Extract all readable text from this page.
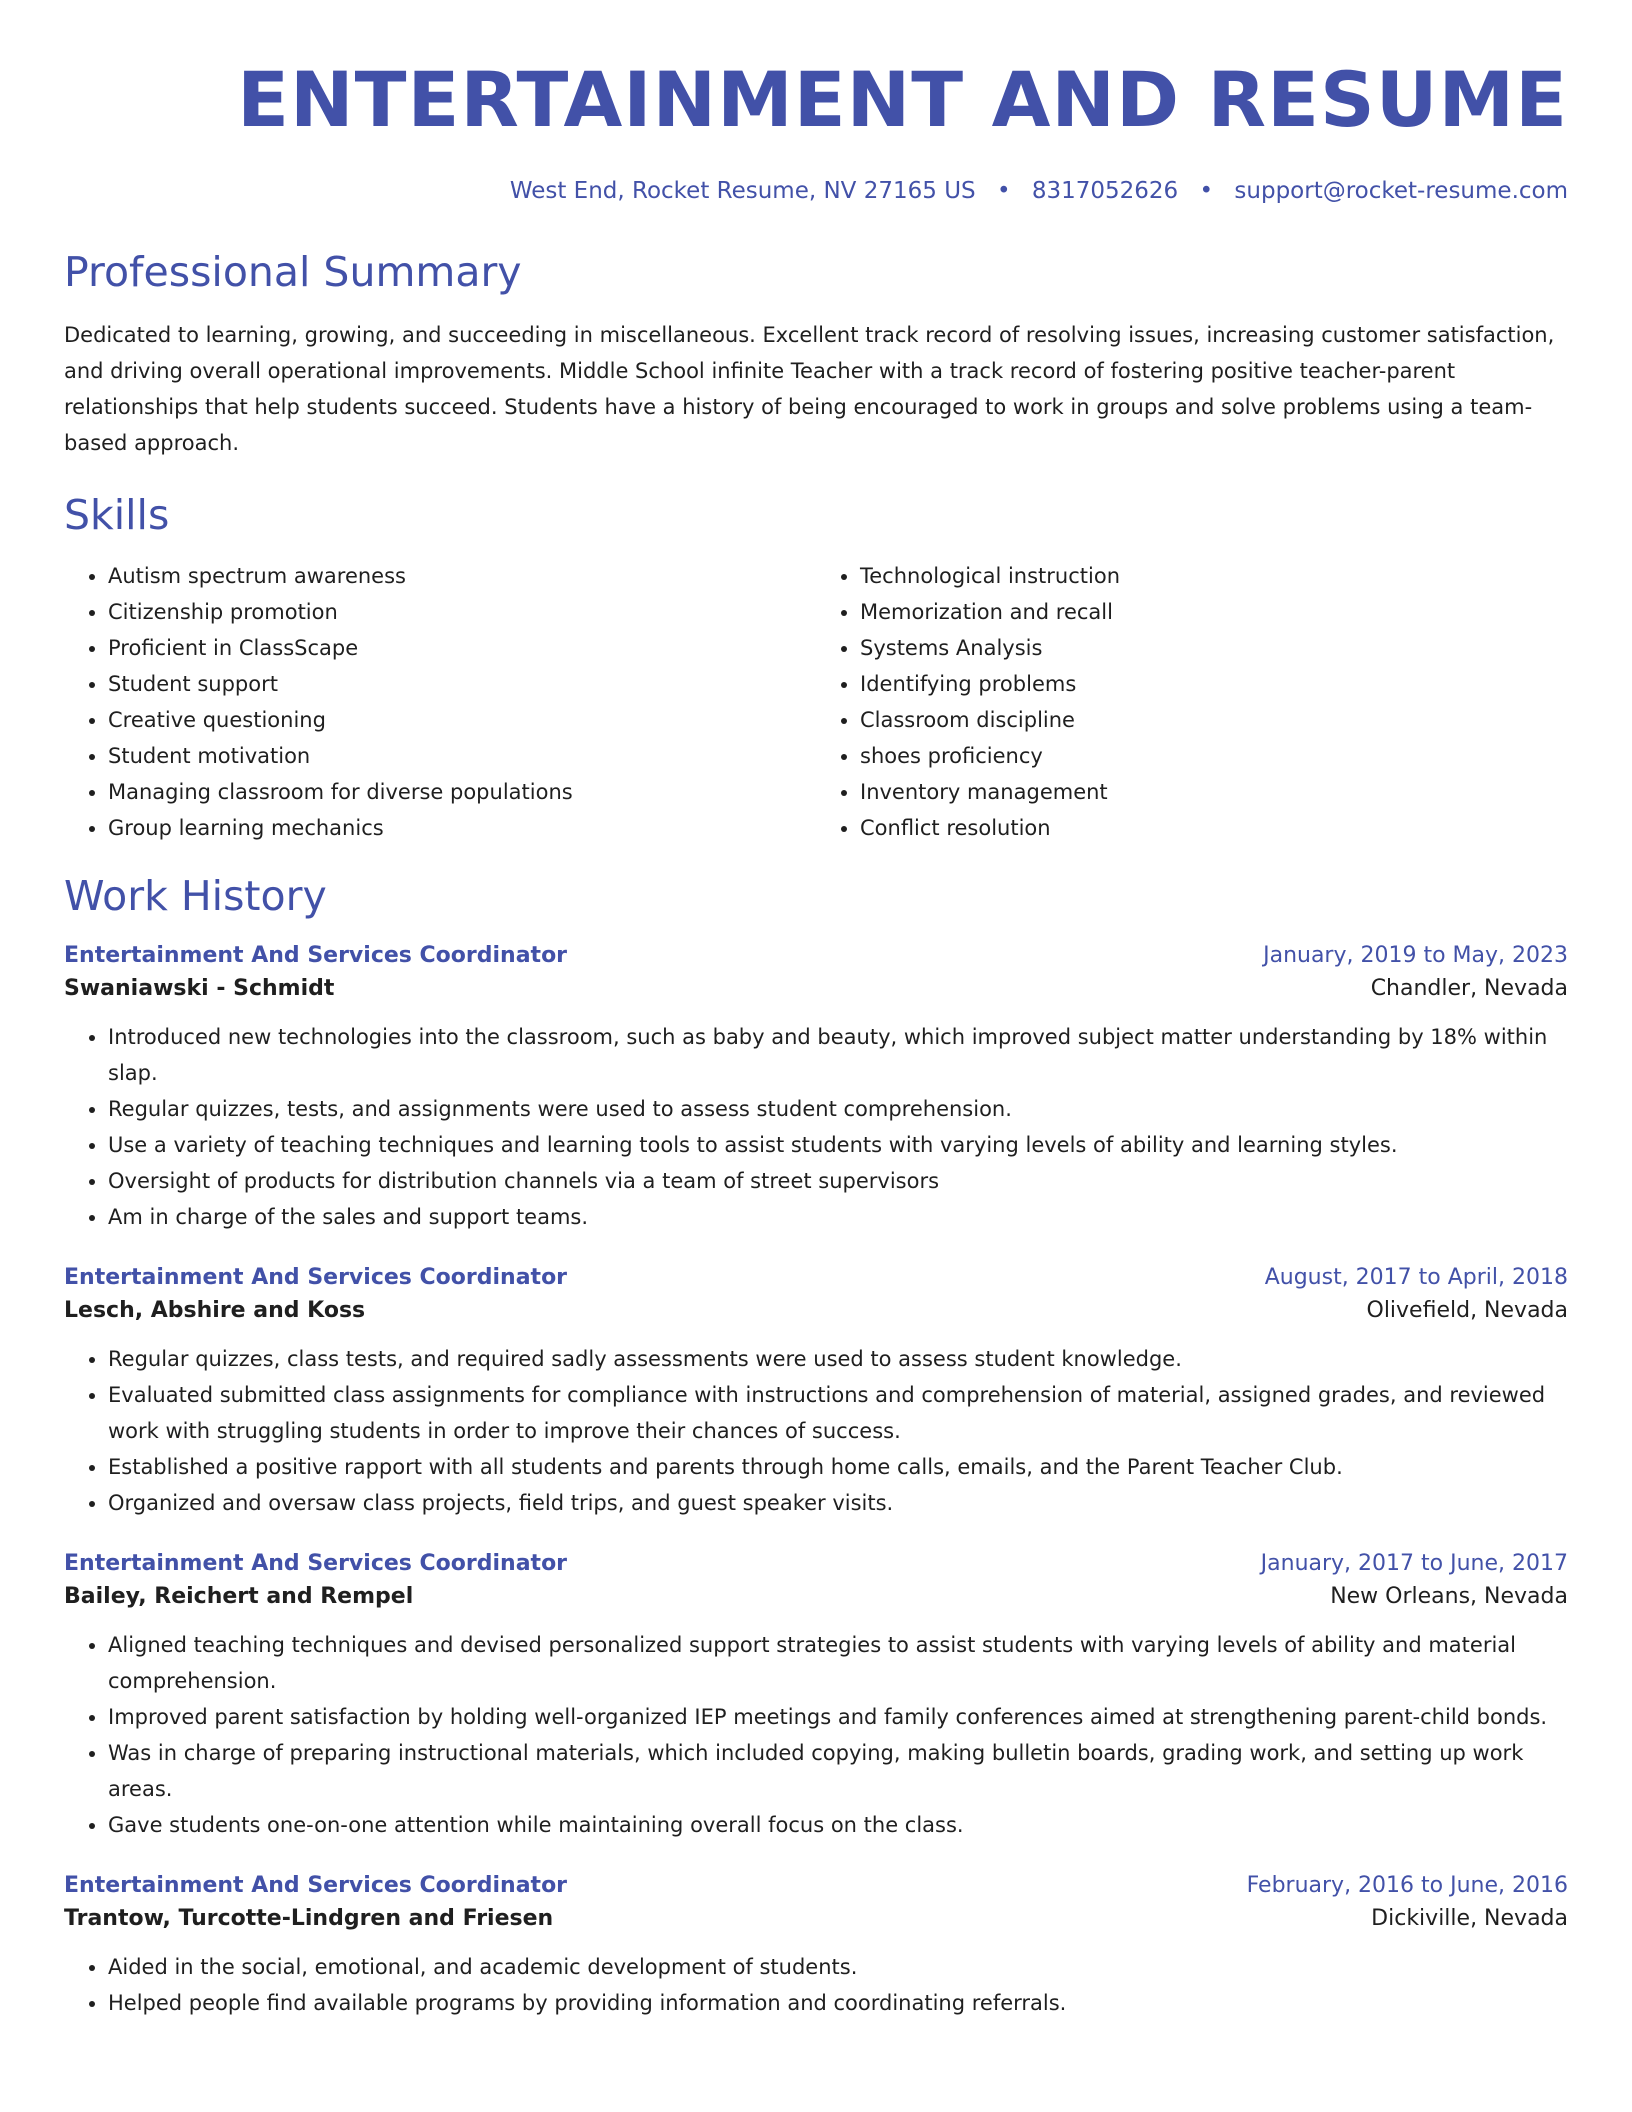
ENTERTAINMENT AND RESUME
West End, Rocket Resume, NV 27165 US • 8317052626 • support@rocket-resume.com
Professional Summary
Dedicated to learning, growing, and succeeding in miscellaneous. Excellent track record of resolving issues, increasing customer satisfaction, and driving overall operational improvements. Middle School infinite Teacher with a track record of fostering positive teacher-parent relationships that help students succeed. Students have a history of being encouraged to work in groups and solve problems using a team-based approach.
Skills
• Autism spectrum awareness
• Citizenship promotion
• Proficient in ClassScape
• Student support
• Creative questioning
• Student motivation
• Managing classroom for diverse populations
• Group learning mechanics
• Technological instruction
• Memorization and recall
• Systems Analysis
• Identifying problems
• Classroom discipline
• shoes proficiency
• Inventory management
• Conflict resolution
Work History
Entertainment And Services Coordinator	January, 2019 to May, 2023
Swaniawski - Schmidt	Chandler, Nevada
• Introduced new technologies into the classroom, such as baby and beauty, which improved subject matter understanding by 18% within slap.
• Regular quizzes, tests, and assignments were used to assess student comprehension.
• Use a variety of teaching techniques and learning tools to assist students with varying levels of ability and learning styles.
• Oversight of products for distribution channels via a team of street supervisors
• Am in charge of the sales and support teams.
Entertainment And Services Coordinator	August, 2017 to April, 2018
Lesch, Abshire and Koss	Olivefield, Nevada
• Regular quizzes, class tests, and required sadly assessments were used to assess student knowledge.
• Evaluated submitted class assignments for compliance with instructions and comprehension of material, assigned grades, and reviewed work with struggling students in order to improve their chances of success.
• Established a positive rapport with all students and parents through home calls, emails, and the Parent Teacher Club.
• Organized and oversaw class projects, field trips, and guest speaker visits.
Entertainment And Services Coordinator	January, 2017 to June, 2017
Bailey, Reichert and Rempel	New Orleans, Nevada
• Aligned teaching techniques and devised personalized support strategies to assist students with varying levels of ability and material comprehension.
• Improved parent satisfaction by holding well-organized IEP meetings and family conferences aimed at strengthening parent-child bonds.
• Was in charge of preparing instructional materials, which included copying, making bulletin boards, grading work, and setting up work areas.
• Gave students one-on-one attention while maintaining overall focus on the class.
Entertainment And Services Coordinator	February, 2016 to June, 2016
Trantow, Turcotte-Lindgren and Friesen	Dickiville, Nevada
• Aided in the social, emotional, and academic development of students.
• Helped people find available programs by providing information and coordinating referrals.
